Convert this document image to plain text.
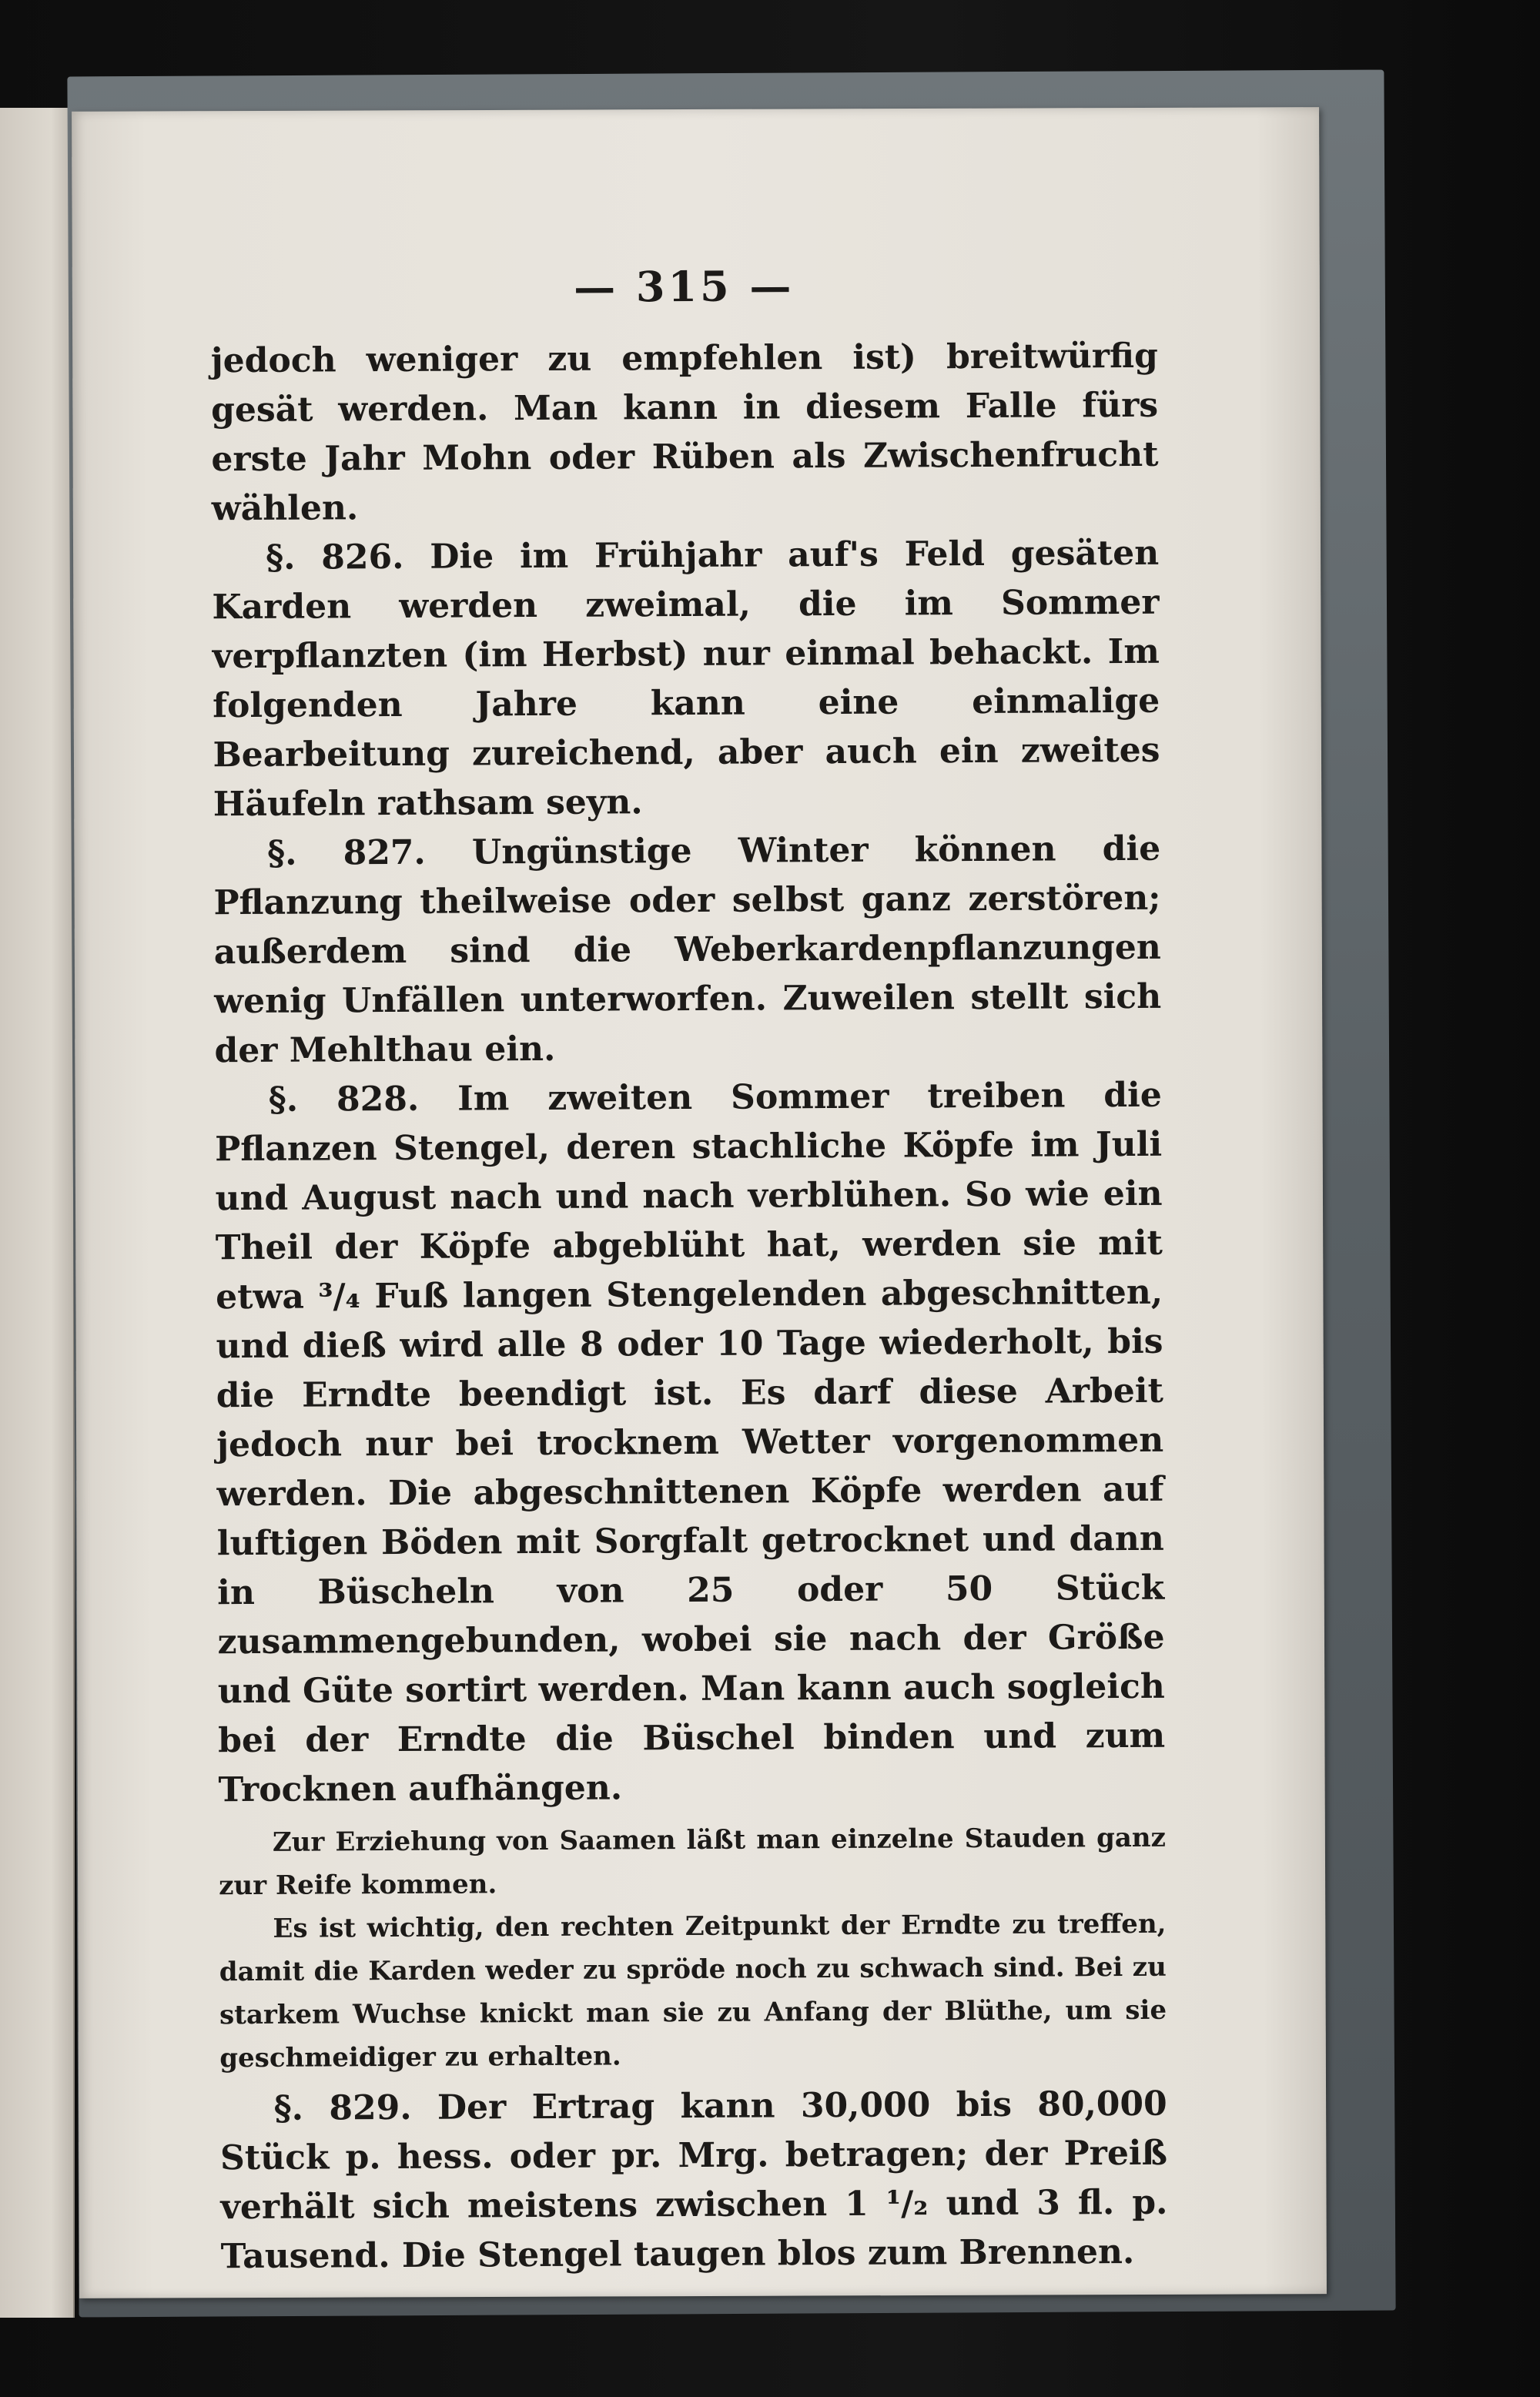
— 315 —

jedoch weniger zu empfehlen ist) breitwürfig gesät werden. Man kann in diesem Falle fürs erste Jahr Mohn oder Rüben als Zwischenfrucht wählen.

§. 826. Die im Frühjahr auf's Feld gesäten Karden werden zweimal, die im Sommer verpflanzten (im Herbst) nur einmal behackt. Im folgenden Jahre kann eine einmalige Bearbeitung zureichend, aber auch ein zweites Häufeln rathsam seyn.

§. 827. Ungünstige Winter können die Pflanzung theilweise oder selbst ganz zerstören; außerdem sind die Weberkardenpflanzungen wenig Unfällen unterworfen. Zuweilen stellt sich der Mehlthau ein.

§. 828. Im zweiten Sommer treiben die Pflanzen Stengel, deren stachliche Köpfe im Juli und August nach und nach verblühen. So wie ein Theil der Köpfe abgeblüht hat, werden sie mit etwa ³/₄ Fuß langen Stengelenden abgeschnitten, und dieß wird alle 8 oder 10 Tage wiederholt, bis die Erndte beendigt ist. Es darf diese Arbeit jedoch nur bei trocknem Wetter vorgenommen werden. Die abgeschnittenen Köpfe werden auf luftigen Böden mit Sorgfalt getrocknet und dann in Büscheln von 25 oder 50 Stück zusammengebunden, wobei sie nach der Größe und Güte sortirt werden. Man kann auch sogleich bei der Erndte die Büschel binden und zum Trocknen aufhängen.

Zur Erziehung von Saamen läßt man einzelne Stauden ganz zur Reife kommen.

Es ist wichtig, den rechten Zeitpunkt der Erndte zu treffen, damit die Karden weder zu spröde noch zu schwach sind. Bei zu starkem Wuchse knickt man sie zu Anfang der Blüthe, um sie geschmeidiger zu erhalten.

§. 829. Der Ertrag kann 30,000 bis 80,000 Stück p. hess. oder pr. Mrg. betragen; der Preiß verhält sich meistens zwischen 1 ¹/₂ und 3 fl. p. Tausend. Die Stengel taugen blos zum Brennen.
